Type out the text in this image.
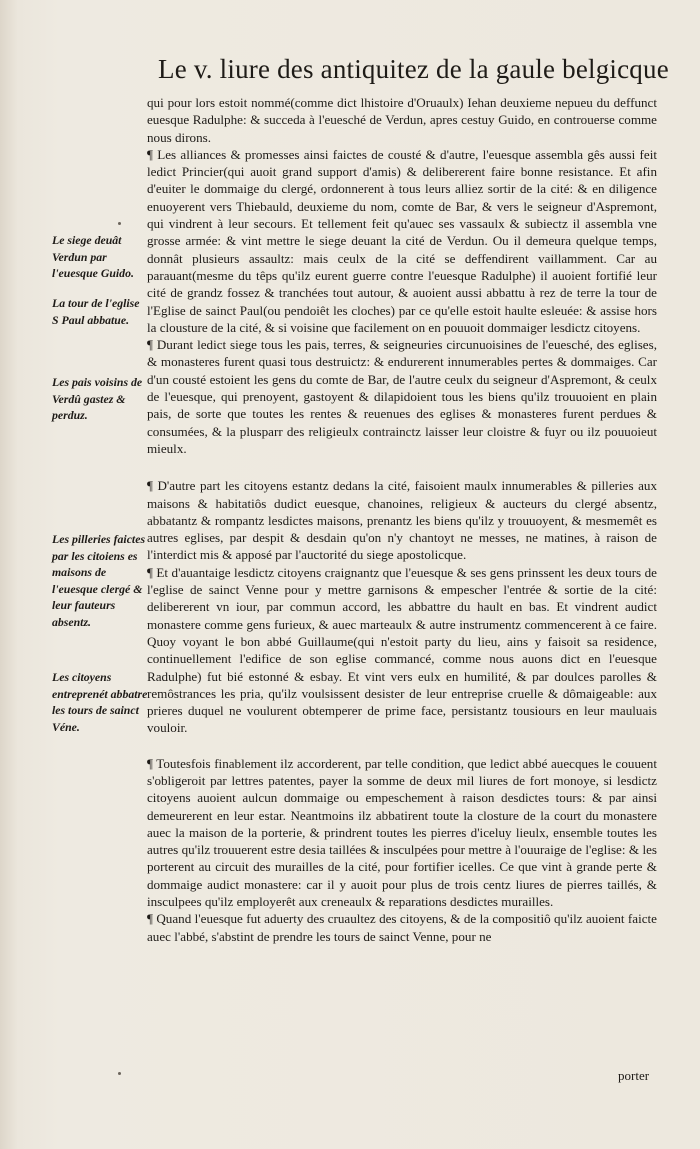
Le v. liure des antiquitez de la gaule belgicque

qui pour lors estoit nommé(comme dict lhistoire d'Oruaulx) Iehan deuxieme nepueu du deffunct euesque Radulphe: & succeda à l'euesché de Verdun, apres cestuy Guido, en controuerse comme nous dirons.

¶ Les alliances & promesses ainsi faictes de cousté & d'autre, l'euesque assembla gês aussi feit ledict Princier(qui auoit grand support d'amis) & delibererent faire bonne resistance. Et afin d'euiter le dommaige du clergé, ordonnerent à tous leurs alliez sortir de la cité: & en diligence enuoyerent vers Thiebauld, deuxieme du nom, comte de Bar, & vers le seigneur d'Aspremont, qui vindrent à leur secours. Et tellement feit qu'auec ses vassaulx & subiectz il assembla vne grosse armée: & vint mettre le siege deuant la cité de Verdun. Ou il demeura quelque temps, donnât plusieurs assaultz: mais ceulx de la cité se deffendirent vaillamment. Car au parauant(mesme du têps qu'ilz eurent guerre contre l'euesque Radulphe) il auoient fortifié leur cité de grandz fossez & tranchées tout autour, & auoient aussi abbattu à rez de terre la tour de l'Eglise de sainct Paul(ou pendoiêt les cloches) par ce qu'elle estoit haulte esleuée: & assise hors la clousture de la cité, & si voisine que facilement on en pouuoit dommaiger lesdictz citoyens.

¶ Durant ledict siege tous les pais, terres, & seigneuries circunuoisines de l'euesché, des eglises, & monasteres furent quasi tous destruictz: & endurerent innumerables pertes & dommaiges. Car d'un cousté estoient les gens du comte de Bar, de l'autre ceulx du seigneur d'Aspremont, & ceulx de l'euesque, qui prenoyent, gastoyent & dilapidoient tous les biens qu'ilz trouuoient en plain pais, de sorte que toutes les rentes & reuenues des eglises & monasteres furent perdues & consumées, & la plusparr des religieulx contrainctz laisser leur cloistre & fuyr ou ilz pouuoieut mieulx.

¶ D'autre part les citoyens estantz dedans la cité, faisoient maulx innumerables & pilleries aux maisons & habitatiôs dudict euesque, chanoines, religieux & aucteurs du clergé absentz, abbatantz & rompantz lesdictes maisons, prenantz les biens qu'ilz y trouuoyent, & mesmemêt es autres eglises, par despit & desdain qu'on n'y chantoyt ne messes, ne matines, à raison de l'interdict mis & apposé par l'auctorité du siege apostolicque.

¶ Et d'auantaige lesdictz citoyens craignantz que l'euesque & ses gens prinssent les deux tours de l'eglise de sainct Venne pour y mettre garnisons & empescher l'entrée & sortie de la cité: delibererent vn iour, par commun accord, les abbattre du hault en bas. Et vindrent audict monastere comme gens furieux, & auec marteaulx & autre instrumentz commencerent à ce faire. Quoy voyant le bon abbé Guillaume(qui n'estoit party du lieu, ains y faisoit sa residence, continuellement l'edifice de son eglise commancé, comme nous auons dict en l'euesque Radulphe) fut bié estonné & esbay. Et vint vers eulx en humilité, & par doulces parolles & remôstrances les pria, qu'ilz voulsissent desister de leur entreprise cruelle & dômaigeable: aux prieres duquel ne voulurent obtemperer de prime face, persistantz tousiours en leur mauluais vouloir.

¶ Toutesfois finablement ilz accorderent, par telle condition, que ledict abbé auecques le couuent s'obligeroit par lettres patentes, payer la somme de deux mil liures de fort monoye, si lesdictz citoyens auoient aulcun dommaige ou empeschement à raison desdictes tours: & par ainsi demeurerent en leur estar. Neantmoins ilz abbatirent toute la closture de la court du monastere auec la maison de la porterie, & prindrent toutes les pierres d'iceluy lieulx, ensemble toutes les autres qu'ilz trouuerent estre desia taillées & insculpées pour mettre à l'ouuraige de l'eglise: & les porterent au circuit des murailles de la cité, pour fortifier icelles. Ce que vint à grande perte & dommaige audict monastere: car il y auoit pour plus de trois centz liures de pierres taillés, & insculpees qu'ilz employerêt aux creneaulx & reparations desdictes murailles.

¶ Quand l'euesque fut aduerty des cruaultez des citoyens, & de la compositiô qu'ilz auoient faicte auec l'abbé, s'abstint de prendre les tours de sainct Venne, pour ne

Le siege deuât Verdun par l'euesque Guido.
La tour de l'eglise S Paul abbatue.
Les pais voisins de Verdû gastez & perduz.
Les pilleries faictes par les citoiens es maisons de l'euesque clergé & leur fauteurs absentz.
Les citoyens entreprenét abbatre les tours de sainct Véne.
porter
